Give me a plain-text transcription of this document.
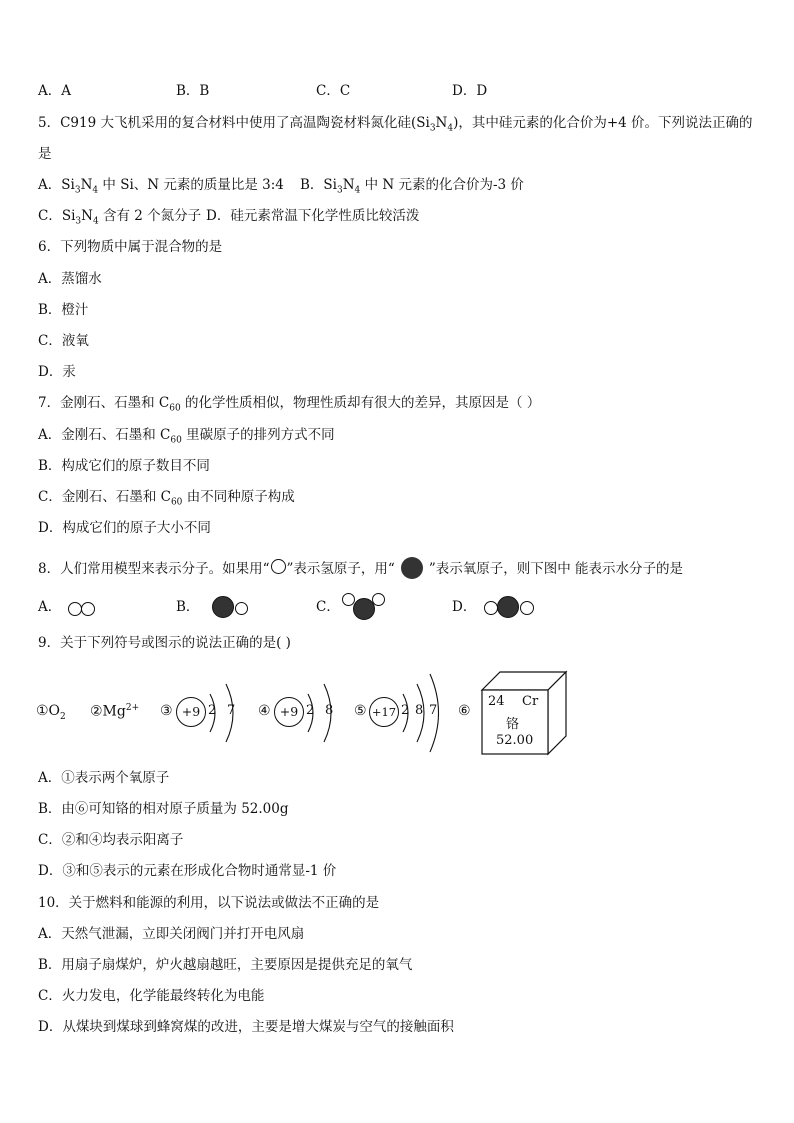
A．A	B．B	C．C	D．D
5．C919 大飞机采用的复合材料中使用了高温陶瓷材料氮化硅$(Si_3N_4)$，其中硅元素的化合价为+4 价。下列说法正确的
是
A．$Si_3N_4$ 中 Si、N 元素的质量比是 3:4 B．$Si_3N_4$ 中 N 元素的化合价为-3 价
C．$Si_3N_4$ 含有 2 个氮分子 D．硅元素常温下化学性质比较活泼
6．下列物质中属于混合物的是
A．蒸馏水
B．橙汁
C．液氧
D．汞
7．金刚石、石墨和 $C_{60}$ 的化学性质相似，物理性质却有很大的差异，其原因是（ ）
A．金刚石、石墨和 $C_{60}$ 里碳原子的排列方式不同
B．构成它们的原子数目不同
C．金刚石、石墨和 $C_{60}$ 由不同种原子构成
D．构成它们的原子大小不同
8．人们常用模型来表示分子。如果用“ ”表示氢原子，用“	”表示氧原子，则下图中 能表示水分子的是
A．	B．	C．	D．
9．关于下列符号或图示的说法正确的是( )
$①O_2$ $②Mg^{2+}$ ③ +9 2 7 ④ +9 2 8 ⑤ +17 2 8 7 ⑥
24 Cr
铬
52.00
A．①表示两个氧原子
B．由⑥可知铬的相对原子质量为 52.00g
C．②和④均表示阳离子
D．③和⑤表示的元素在形成化合物时通常显-1 价
10．关于燃料和能源的利用，以下说法或做法不正确的是
A．天然气泄漏，立即关闭阀门并打开电风扇
B．用扇子扇煤炉，炉火越扇越旺，主要原因是提供充足的氧气
C．火力发电，化学能最终转化为电能
D．从煤块到煤球到蜂窝煤的改进，主要是增大煤炭与空气的接触面积
